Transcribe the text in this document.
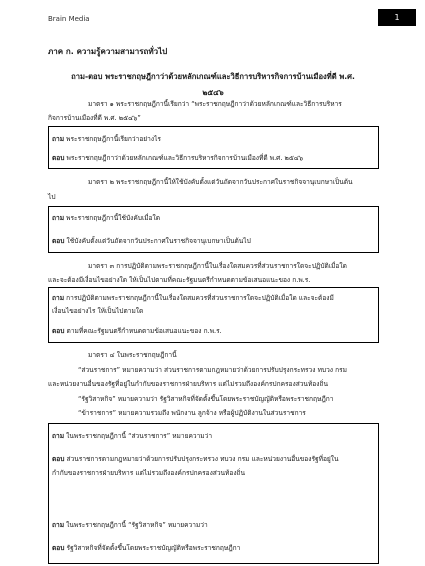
Brain Media	1
ภาค ก. ความรู้ความสามารถทั่วไป
ถาม-ตอบ พระราชกฤษฎีกาว่าด้วยหลักเกณฑ์และวิธีการบริหารกิจการบ้านเมืองที่ดี พ.ศ.
๒๕๔๖
มาตรา ๑ พระราชกฤษฎีกานี้เรียกว่า “พระราชกฤษฎีกาว่าด้วยหลักเกณฑ์และวิธีการบริหาร
กิจการบ้านเมืองที่ดี พ.ศ. ๒๕๔๖”
ถาม พระราชกฤษฎีกานี้เรียกว่าอย่างไร
ตอบ พระราชกฤษฎีกาว่าด้วยหลักเกณฑ์และวิธีการบริหารกิจการบ้านเมืองที่ดี พ.ศ. ๒๕๔๖
มาตรา ๒ พระราชกฤษฎีกานี้ให้ใช้บังคับตั้งแต่วันถัดจากวันประกาศในราชกิจจานุเบกษาเป็นต้น
ไป
ถาม พระราชกฤษฎีกานี้ใช้บังคับเมื่อใด
ตอบ ใช้บังคับตั้งแต่วันถัดจากวันประกาศในราชกิจจานุเบกษาเป็นต้นไป
มาตรา ๓ การปฏิบัติตามพระราชกฤษฎีกานี้ในเรื่องใดสมควรที่ส่วนราชการใดจะปฏิบัติเมื่อใด
และจะต้องมีเงื่อนไขอย่างใด ให้เป็นไปตามที่คณะรัฐมนตรีกำหนดตามข้อเสนอแนะของ ก.พ.ร.
ถาม การปฏิบัติตามพระราชกฤษฎีกานี้ในเรื่องใดสมควรที่ส่วนราชการใดจะปฏิบัติเมื่อใด และจะต้องมี
เงื่อนไขอย่างไร ให้เป็นไปตามใด
ตอบ ตามที่คณะรัฐมนตรีกำหนดตามข้อเสนอแนะของ ก.พ.ร.
มาตรา ๔ ในพระราชกฤษฎีกานี้
“ส่วนราชการ” หมายความว่า ส่วนราชการตามกฎหมายว่าด้วยการปรับปรุงกระทรวง ทบวง กรม
และหน่วยงานอื่นของรัฐที่อยู่ในกำกับของราชการฝ่ายบริหาร แต่ไม่รวมถึงองค์กรปกครองส่วนท้องถิ่น
“รัฐวิสาหกิจ” หมายความว่า รัฐวิสาหกิจที่จัดตั้งขึ้นโดยพระราชบัญญัติหรือพระราชกฤษฎีกา
“ข้าราชการ” หมายความรวมถึง พนักงาน ลูกจ้าง หรือผู้ปฏิบัติงานในส่วนราชการ
ถาม ในพระราชกฤษฎีกานี้ “ส่วนราชการ” หมายความว่า
ตอบ ส่วนราชการตามกฎหมายว่าด้วยการปรับปรุงกระทรวง ทบวง กรม และหน่วยงานอื่นของรัฐที่อยู่ใน
กำกับของราชการฝ่ายบริหาร แต่ไม่รวมถึงองค์กรปกครองส่วนท้องถิ่น
ถาม ในพระราชกฤษฎีกานี้ “รัฐวิสาหกิจ” หมายความว่า
ตอบ รัฐวิสาหกิจที่จัดตั้งขึ้นโดยพระราชบัญญัติหรือพระราชกฤษฎีกา
